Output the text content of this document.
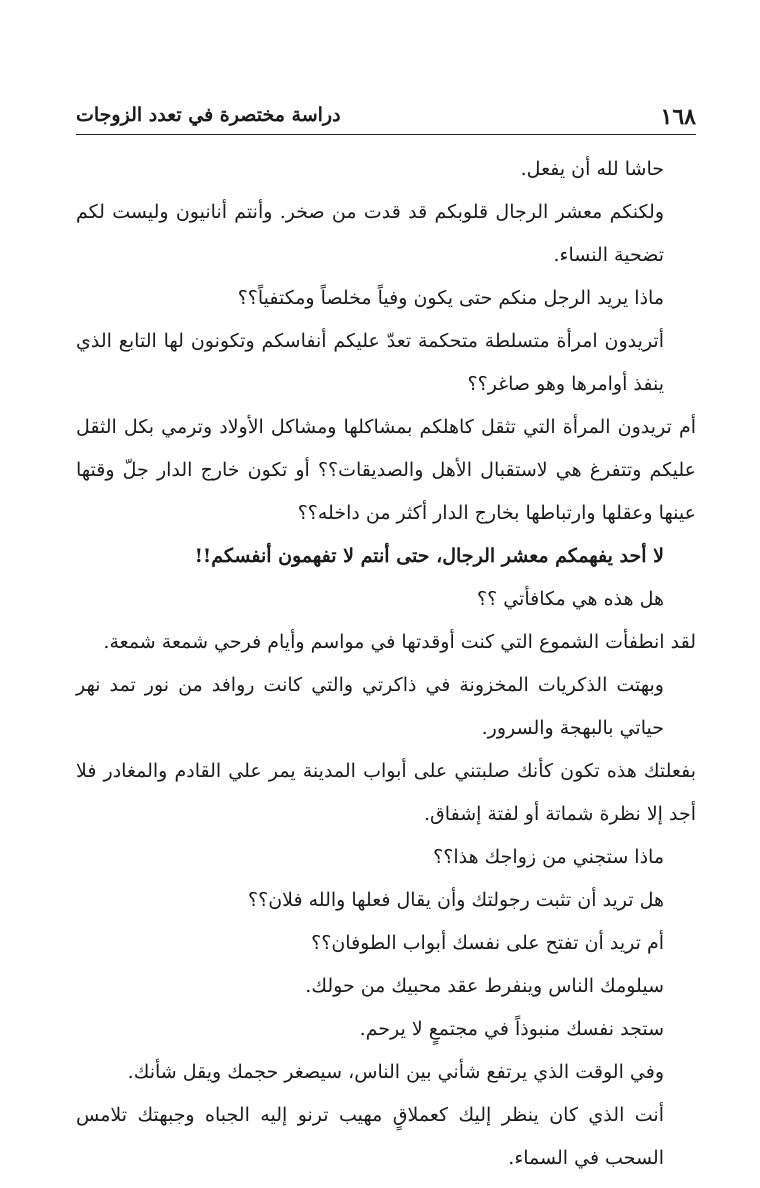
١٦٨
دراسة مختصرة في تعدد الزوجات

حاشا لله أن يفعل.

ولكنكم معشر الرجال قلوبكم قد قدت من صخر. وأنتم أنانيون وليست لكم تضحية النساء.

ماذا يريد الرجل منكم حتى يكون وفياً مخلصاً ومكتفياً؟؟

أتريدون امرأة متسلطة متحكمة تعدّ عليكم أنفاسكم وتكونون لها التابع الذي ينفذ أوامرها وهو صاغر؟؟

أم تريدون المرأة التي تثقل كاهلكم بمشاكلها ومشاكل الأولاد وترمي بكل الثقل عليكم وتتفرغ هي لاستقبال الأهل والصديقات؟؟ أو تكون خارج الدار جلّ وقتها عينها وعقلها وارتباطها بخارج الدار أكثر من داخله؟؟

لا أحد يفهمكم معشر الرجال، حتى أنتم لا تفهمون أنفسكم!!

هل هذه هي مكافأتي ؟؟

لقد انطفأت الشموع التي كنت أوقدتها في مواسم وأيام فرحي شمعة شمعة.

وبهتت الذكريات المخزونة في ذاكرتي والتي كانت روافد من نور تمد نهر حياتي بالبهجة والسرور.

بفعلتك هذه تكون كأنك صلبتني على أبواب المدينة يمر علي القادم والمغادر فلا أجد إلا نظرة شماتة أو لفتة إشفاق.

ماذا ستجني من زواجك هذا؟؟

هل تريد أن تثبت رجولتك وأن يقال فعلها والله فلان؟؟

أم تريد أن تفتح على نفسك أبواب الطوفان؟؟

سيلومك الناس وينفرط عقد محبيك من حولك.

ستجد نفسك منبوذاً في مجتمعٍ لا يرحم.

وفي الوقت الذي يرتفع شأني بين الناس، سيصغر حجمك ويقل شأنك.

أنت الذي كان ينظر إليك كعملاقٍ مهيب ترنو إليه الجباه وجبهتك تلامس السحب في السماء.
